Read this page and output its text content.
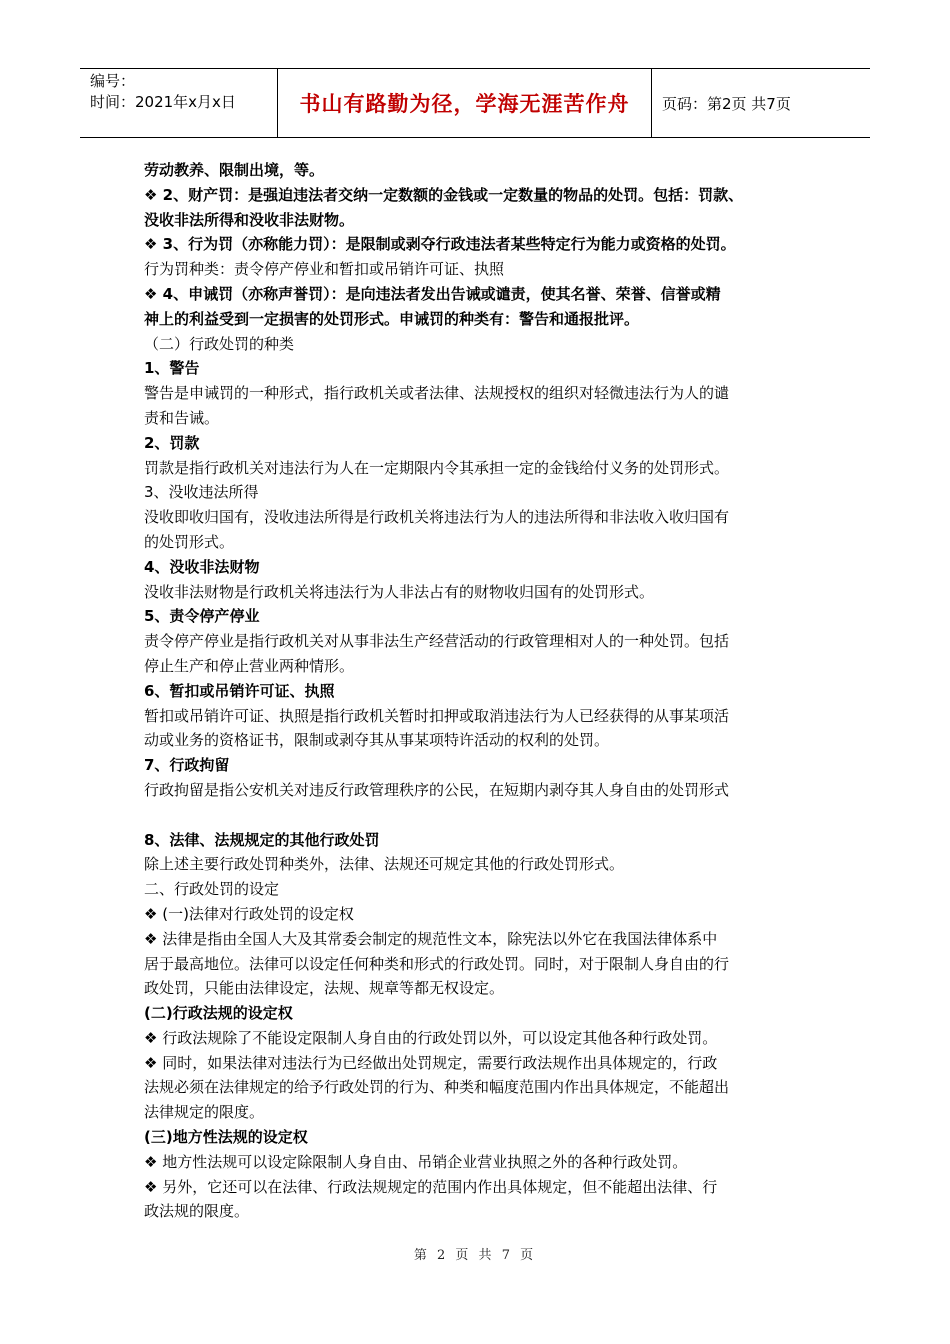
编号：
时间：2021年x月x日	书山有路勤为径，学海无涯苦作舟	页码：第2页 共7页

劳动教养、限制出境，等。

❖ 2、财产罚：是强迫违法者交纳一定数额的金钱或一定数量的物品的处罚。包括：罚款、

没收非法所得和没收非法财物。

❖ 3、行为罚（亦称能力罚）：是限制或剥夺行政违法者某些特定行为能力或资格的处罚。

行为罚种类：责令停产停业和暂扣或吊销许可证、执照

❖ 4、申诫罚（亦称声誉罚）：是向违法者发出告诫或谴责，使其名誉、荣誉、信誉或精

神上的利益受到一定损害的处罚形式。申诫罚的种类有：警告和通报批评。

（二）行政处罚的种类

1、警告

警告是申诫罚的一种形式，指行政机关或者法律、法规授权的组织对轻微违法行为人的谴

责和告诫。

2、罚款

罚款是指行政机关对违法行为人在一定期限内令其承担一定的金钱给付义务的处罚形式。

3、没收违法所得

没收即收归国有，没收违法所得是行政机关将违法行为人的违法所得和非法收入收归国有

的处罚形式。

4、没收非法财物

没收非法财物是行政机关将违法行为人非法占有的财物收归国有的处罚形式。

5、责令停产停业

责令停产停业是指行政机关对从事非法生产经营活动的行政管理相对人的一种处罚。包括

停止生产和停止营业两种情形。

6、暂扣或吊销许可证、执照

暂扣或吊销许可证、执照是指行政机关暂时扣押或取消违法行为人已经获得的从事某项活

动或业务的资格证书，限制或剥夺其从事某项特许活动的权利的处罚。

7、行政拘留

行政拘留是指公安机关对违反行政管理秩序的公民，在短期内剥夺其人身自由的处罚形式

8、法律、法规规定的其他行政处罚

除上述主要行政处罚种类外，法律、法规还可规定其他的行政处罚形式。

二、行政处罚的设定

❖ (一)法律对行政处罚的设定权

❖ 法律是指由全国人大及其常委会制定的规范性文本，除宪法以外它在我国法律体系中

居于最高地位。法律可以设定任何种类和形式的行政处罚。同时，对于限制人身自由的行

政处罚，只能由法律设定，法规、规章等都无权设定。

(二)行政法规的设定权

❖ 行政法规除了不能设定限制人身自由的行政处罚以外，可以设定其他各种行政处罚。

❖ 同时，如果法律对违法行为已经做出处罚规定，需要行政法规作出具体规定的，行政

法规必须在法律规定的给予行政处罚的行为、种类和幅度范围内作出具体规定，不能超出

法律规定的限度。

(三)地方性法规的设定权

❖ 地方性法规可以设定除限制人身自由、吊销企业营业执照之外的各种行政处罚。

❖ 另外，它还可以在法律、行政法规规定的范围内作出具体规定，但不能超出法律、行

政法规的限度。

第 2 页 共 7 页
